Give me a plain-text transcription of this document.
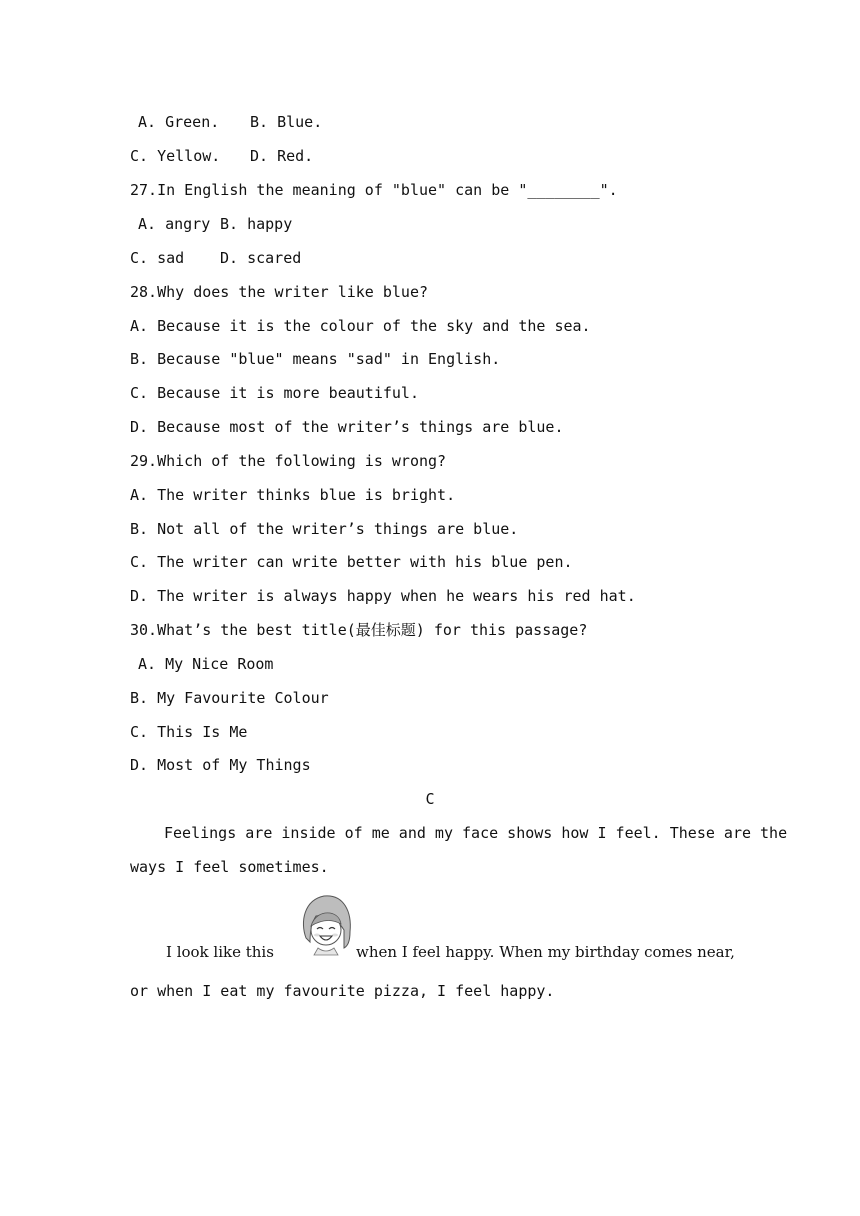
A. Green. B. Blue.
C. Yellow. D. Red.
27.In English the meaning of "blue" can be "________".
A. angry B. happy
C. sad D. scared
28.Why does the writer like blue?
A. Because it is the colour of the sky and the sea.
B. Because "blue" means "sad" in English.
C. Because it is more beautiful.
D. Because most of the writer’s things are blue.
29.Which of the following is wrong?
A. The writer thinks blue is bright.
B. Not all of the writer’s things are blue.
C. The writer can write better with his blue pen.
D. The writer is always happy when he wears his red hat.
30.What’s the best title(最佳标题) for this passage?
A. My Nice Room
B. My Favourite Colour
C. This Is Me
D. Most of My Things
C
Feelings are inside of me and my face shows how I feel. These are the
ways I feel sometimes.
I look like this	when I feel happy. When my birthday comes near,
or when I eat my favourite pizza, I feel happy.
